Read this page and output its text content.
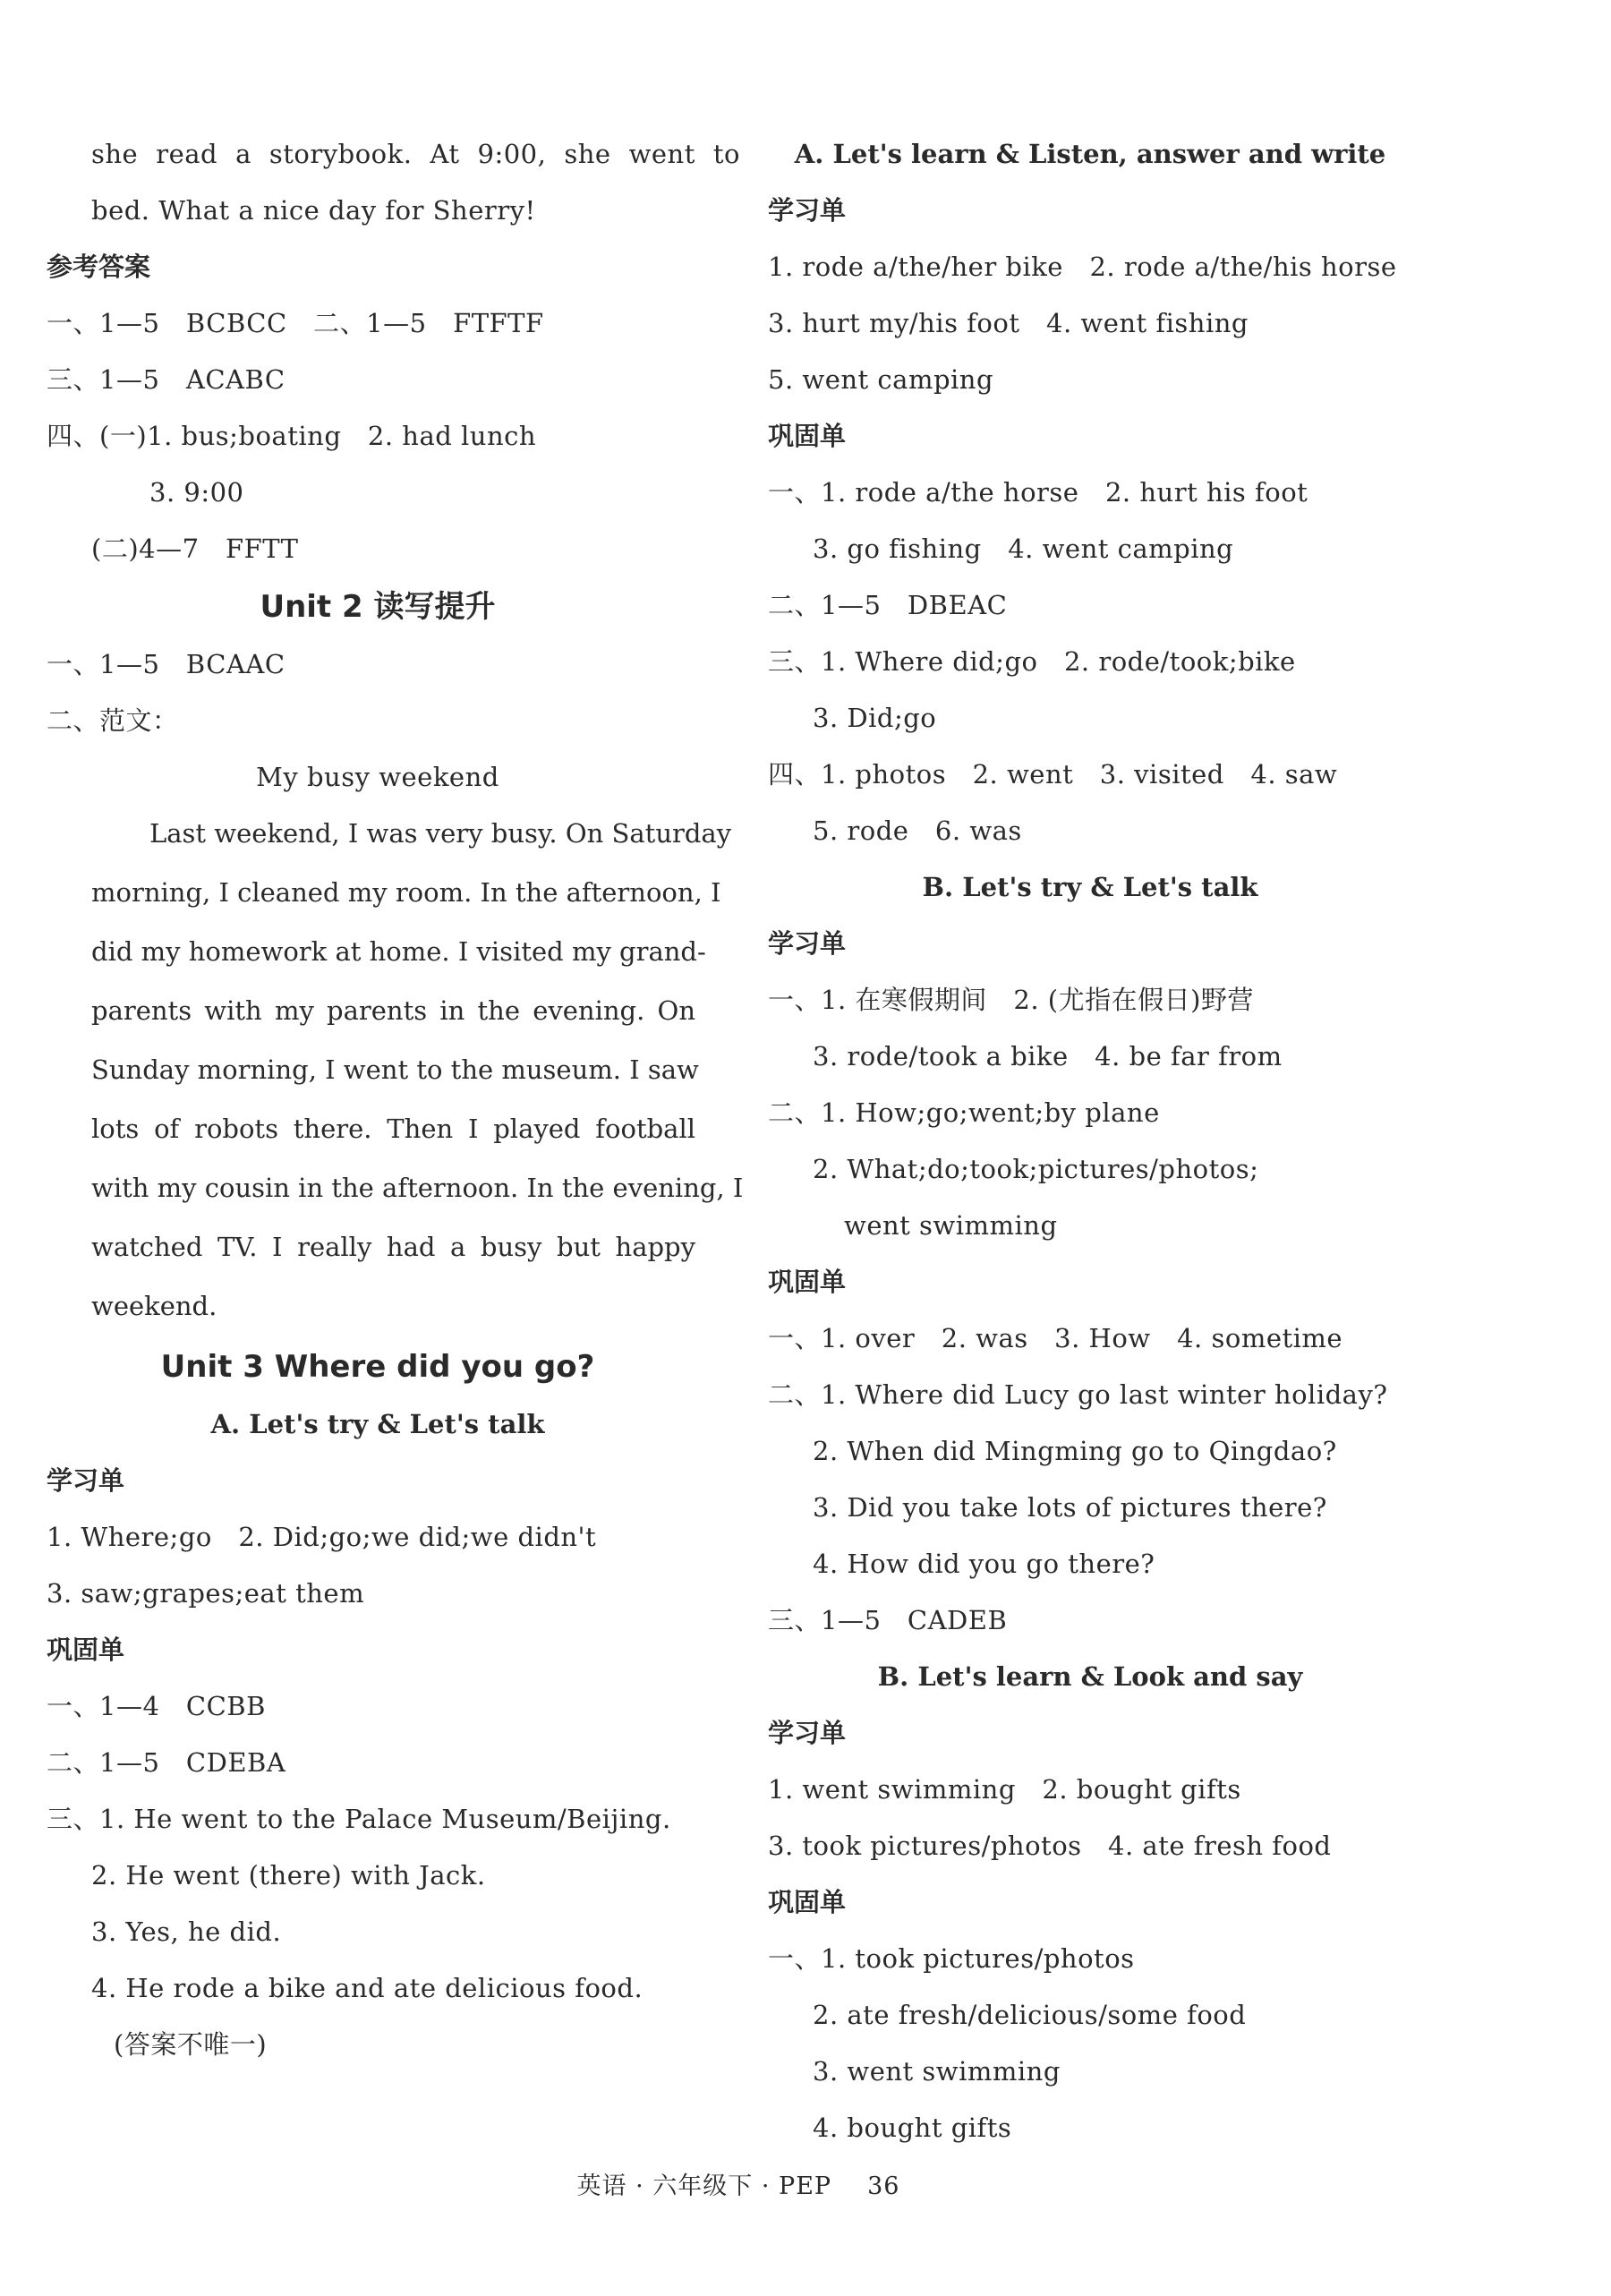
she read a storybook. At 9:00, she went to
bed. What a nice day for Sherry!
参考答案
一、1—5　BCBCC　二、1—5　FTFTF
三、1—5　ACABC
四、(一)1. bus;boating　2. had lunch
3. 9:00
(二)4—7　FFTT
Unit 2 读写提升
一、1—5　BCAAC
二、范文：
My busy weekend
Last weekend, I was very busy. On Saturday
morning, I cleaned my room. In the afternoon, I
did my homework at home. I visited my grand-
parents with my parents in the evening. On
Sunday morning, I went to the museum. I saw
lots of robots there. Then I played football
with my cousin in the afternoon. In the evening, I
watched TV. I really had a busy but happy
weekend.
Unit 3 Where did you go?
A. Let's try & Let's talk
学习单
1. Where;go　2. Did;go;we did;we didn't
3. saw;grapes;eat them
巩固单
一、1—4　CCBB
二、1—5　CDEBA
三、1. He went to the Palace Museum/Beijing.
2. He went (there) with Jack.
3. Yes, he did.
4. He rode a bike and ate delicious food.
(答案不唯一)
A. Let's learn & Listen, answer and write
学习单
1. rode a/the/her bike　2. rode a/the/his horse
3. hurt my/his foot　4. went fishing
5. went camping
巩固单
一、1. rode a/the horse　2. hurt his foot
3. go fishing　4. went camping
二、1—5　DBEAC
三、1. Where did;go　2. rode/took;bike
3. Did;go
四、1. photos　2. went　3. visited　4. saw
5. rode　6. was
B. Let's try & Let's talk
学习单
一、1. 在寒假期间　2. (尤指在假日)野营
3. rode/took a bike　4. be far from
二、1. How;go;went;by plane
2. What;do;took;pictures/photos;
went swimming
巩固单
一、1. over　2. was　3. How　4. sometime
二、1. Where did Lucy go last winter holiday?
2. When did Mingming go to Qingdao?
3. Did you take lots of pictures there?
4. How did you go there?
三、1—5　CADEB
B. Let's learn & Look and say
学习单
1. went swimming　2. bought gifts
3. took pictures/photos　4. ate fresh food
巩固单
一、1. took pictures/photos
2. ate fresh/delicious/some food
3. went swimming
4. bought gifts
英语 · 六年级下 · PEP 36
